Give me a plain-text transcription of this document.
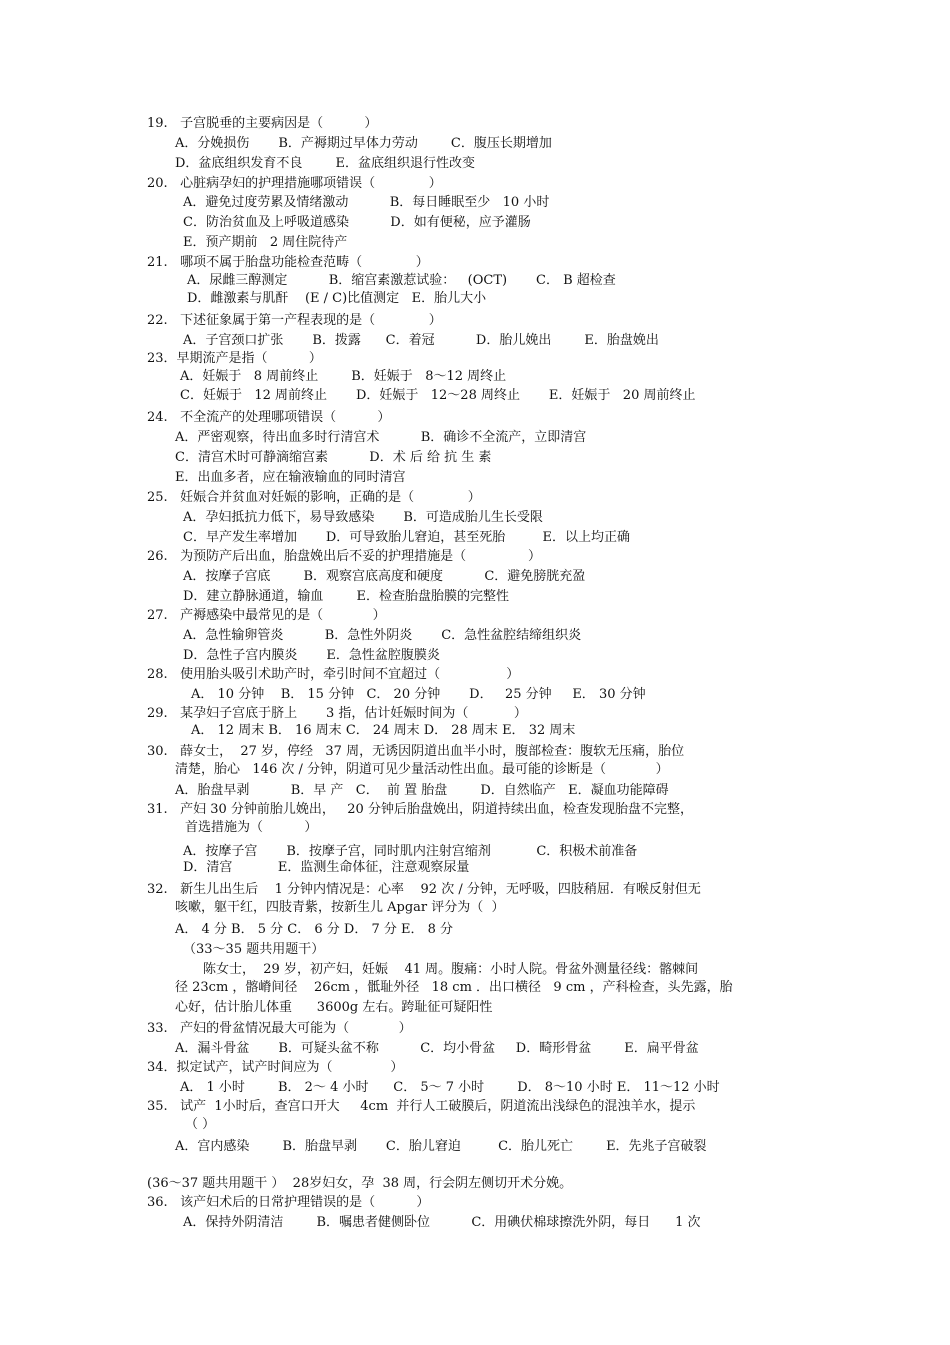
19.   子宫脱垂的主要病因是（          ）
A．分娩损伤       B．产褥期过早体力劳动        C．腹压长期增加
D．盆底组织发育不良        E．盆底组织退行性改变
20.   心脏病孕妇的护理措施哪项错误（             ）
A．避免过度劳累及情绪激动          B．每日睡眠至少   10 小时
C．防治贫血及上呼吸道感染          D．如有便秘，应予灌肠
E．预产期前   2 周住院待产
21.   哪项不属于胎盘功能检查范畴（             ）
A．尿雌三醇测定          B．缩宫素激惹试验：   (OCT)       C． B 超检查
D．雌激素与肌酐    (E / C)比值测定   E．胎儿大小
22.   下述征象属于第一产程表现的是（             ）
A．子宫颈口扩张       B．拨露      C．着冠          D．胎儿娩出        E．胎盘娩出
23．早期流产是指（          ）
A．妊娠于   8 周前终止        B．妊娠于   8～12 周终止
C．妊娠于   12 周前终止       D．妊娠于   12～28 周终止       E．妊娠于   20 周前终止
24.   不全流产的处理哪项错误（          ）
A．严密观察，待出血多时行清宫术          B．确诊不全流产，立即清宫
C．清宫术时可静滴缩宫素          D．术 后 给 抗 生 素
E．出血多者，应在输液输血的同时清宫
25.   妊娠合并贫血对妊娠的影响，正确的是（             ）
A．孕妇抵抗力低下，易导致感染       B．可造成胎儿生长受限
C．早产发生率增加       D．可导致胎儿窘迫，甚至死胎         E．以上均正确
26.   为预防产后出血，胎盘娩出后不妥的护理措施是（               ）
A．按摩子宫底        B．观察宫底高度和硬度          C．避免膀胱充盈
D．建立静脉通道，输血        E．检查胎盘胎膜的完整性
27.   产褥感染中最常见的是（            ）
A．急性输卵管炎          B．急性外阴炎       C．急性盆腔结缔组织炎
D．急性子宫内膜炎       E．急性盆腔腹膜炎
28.   使用胎头吸引术助产时，牵引时间不宜超过（                ）
A． 10 分钟    B． 15 分钟   C． 20 分钟       D．   25 分钟     E． 30 分钟
29.   某孕妇子宫底于脐上       3 指，估计妊娠时间为（           ）
A． 12 周末 B． 16 周末 C． 24 周末 D． 28 周末 E． 32 周末
30.   薛女士，  27 岁，停经   37 周，无诱因阴道出血半小时，腹部检查：腹软无压痛，胎位
清楚，胎心   146 次 / 分钟，阴道可见少量活动性出血。最可能的诊断是（            ）
A．胎盘早剥          B．早 产   C．  前 置 胎盘        D．自然临产   E．凝血功能障碍
31.   产妇 30 分钟前胎儿娩出，   20 分钟后胎盘娩出，阴道持续出血，检查发现胎盘不完整，
首选措施为（          ）
A．按摩子宫       B．按摩子宫，同时肌内注射宫缩剂           C．积极术前准备
D．清宫           E．监测生命体征，注意观察尿量
32.   新生儿出生后    1 分钟内情况是：心率    92 次 / 分钟，无呼吸，四肢稍屈．有喉反射但无
咳嗽，躯干红，四肢青紫，按新生儿 Apgar 评分为（  ）
A． 4 分 B． 5 分 C． 6 分 D． 7 分 E． 8 分
（33～35 题共用题干）
陈女士，  29 岁，初产妇，妊娠    41 周。腹痛：小时人院。骨盆外测量径线：髂棘间
径 23cm ，髂嵴间径    26cm ，骶耻外径   18 cm ．出口横径   9 cm ，产科检查，头先露，胎
心好，估计胎儿体重      3600g 左右。跨耻征可疑阳性
33.   产妇的骨盆情况最大可能为（            ）
A．漏斗骨盆       B．可疑头盆不称          C．均小骨盆     D．畸形骨盆        E．扁平骨盆
34．拟定试产，试产时间应为（              ）
A． 1 小时        B． 2～ 4 小时      C． 5～ 7 小时        D． 8～10 小时 E． 11～12 小时
35.   试产  1小时后，查宫口开大     4cm  并行人工破膜后，阴道流出浅绿色的混浊羊水，提示
（ ）
A．宫内感染        B．胎盘早剥       C．胎儿窘迫         C．胎儿死亡        E．先兆子宫破裂
(36～37 题共用题干 ）  28岁妇女，孕  38 周，行会阴左侧切开术分娩。
36.   该产妇术后的日常护理错误的是（          ）
A．保持外阴清洁        B．嘱患者健侧卧位          C．用碘伏棉球擦洗外阴，每日      1 次
